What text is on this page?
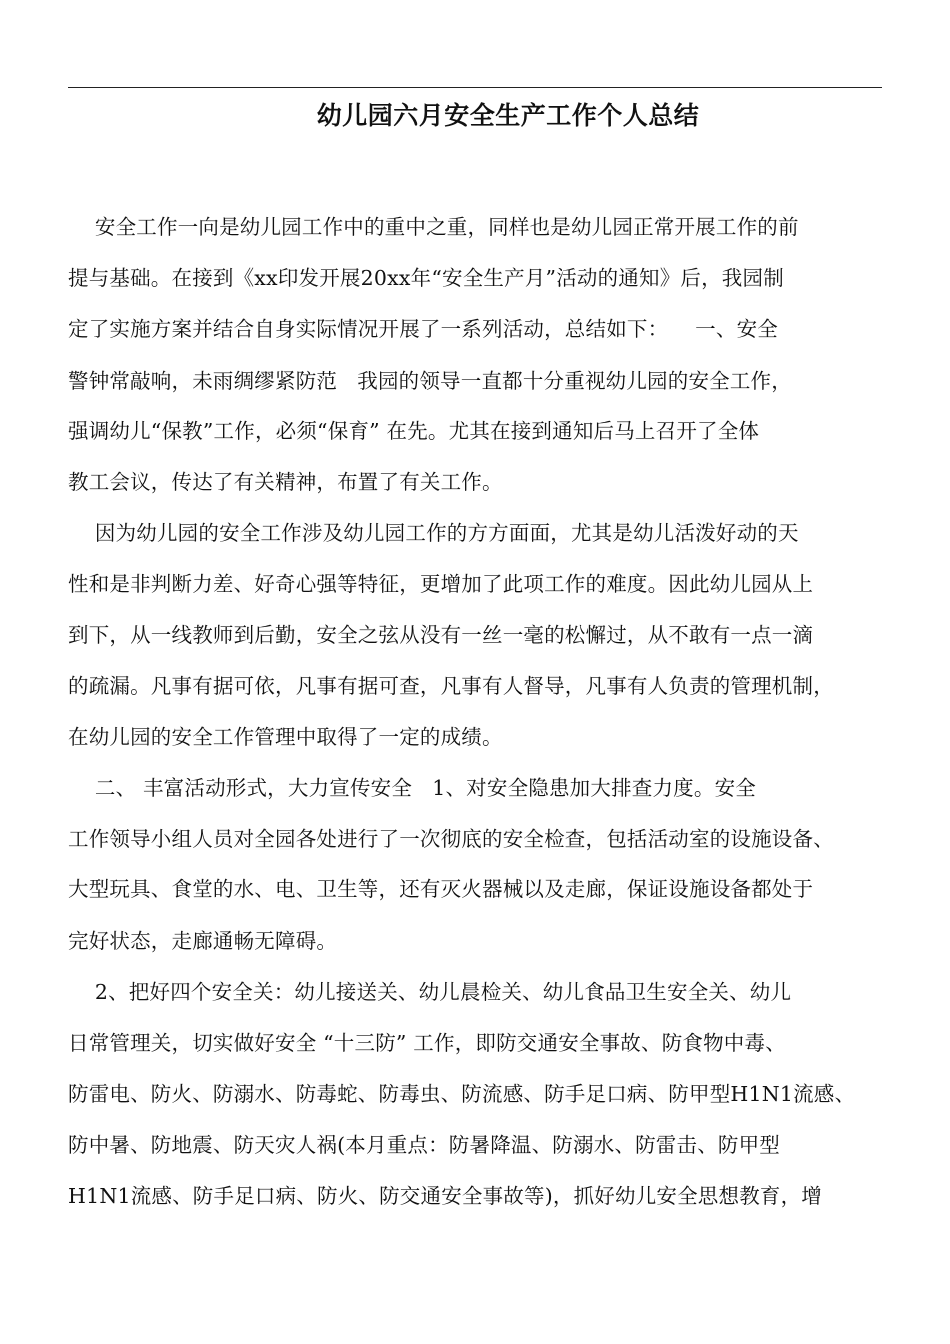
幼儿园六月安全生产工作个人总结
安全工作一向是幼儿园工作中的重中之重，同样也是幼儿园正常开展工作的前
提与基础。在接到《xx印发开展20xx年“安全生产月”活动的通知》后，我园制
定了实施方案并结合自身实际情况开展了一系列活动，总结如下：    一、安全
警钟常敲响，未雨绸缪紧防范   我园的领导一直都十分重视幼儿园的安全工作，
强调幼儿“保教”工作，必须“保育” 在先。尤其在接到通知后马上召开了全体
教工会议，传达了有关精神，布置了有关工作。
因为幼儿园的安全工作涉及幼儿园工作的方方面面，尤其是幼儿活泼好动的天
性和是非判断力差、好奇心强等特征，更增加了此项工作的难度。因此幼儿园从上
到下，从一线教师到后勤，安全之弦从没有一丝一毫的松懈过，从不敢有一点一滴
的疏漏。凡事有据可依，凡事有据可查，凡事有人督导，凡事有人负责的管理机制，
在幼儿园的安全工作管理中取得了一定的成绩。
二、 丰富活动形式，大力宣传安全   1、对安全隐患加大排查力度。安全
工作领导小组人员对全园各处进行了一次彻底的安全检查，包括活动室的设施设备、
大型玩具、食堂的水、电、卫生等，还有灭火器械以及走廊，保证设施设备都处于
完好状态，走廊通畅无障碍。
2、把好四个安全关：幼儿接送关、幼儿晨检关、幼儿食品卫生安全关、幼儿
日常管理关，切实做好安全 “十三防” 工作，即防交通安全事故、防食物中毒、
防雷电、防火、防溺水、防毒蛇、防毒虫、防流感、防手足口病、防甲型H1N1流感、
防中暑、防地震、防天灾人祸(本月重点：防暑降温、防溺水、防雷击、防甲型
H1N1流感、防手足口病、防火、防交通安全事故等)，抓好幼儿安全思想教育，增
